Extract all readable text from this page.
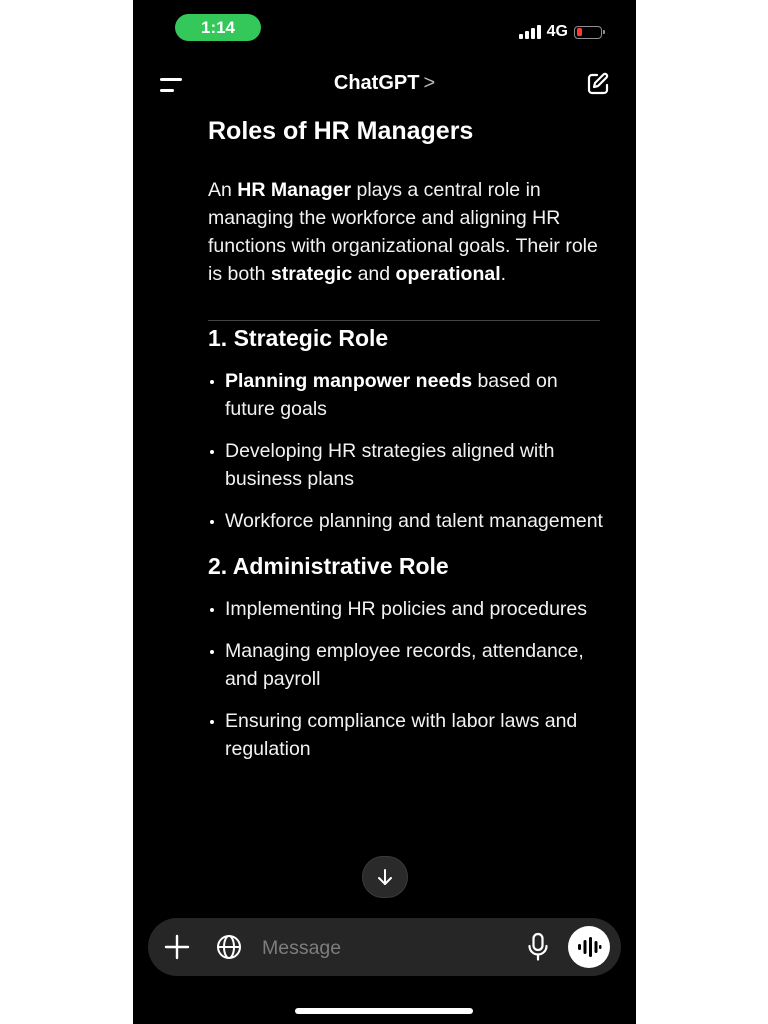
1:14	4G
ChatGPT >
Roles of HR Managers
An HR Manager plays a central role in managing the workforce and aligning HR functions with organizational goals. Their role is both strategic and operational.
1. Strategic Role
Planning manpower needs based on future goals
Developing HR strategies aligned with business plans
Workforce planning and talent management
2. Administrative Role
Implementing HR policies and procedures
Managing employee records, attendance, and payroll
Ensuring compliance with labor laws and regulation
Message
